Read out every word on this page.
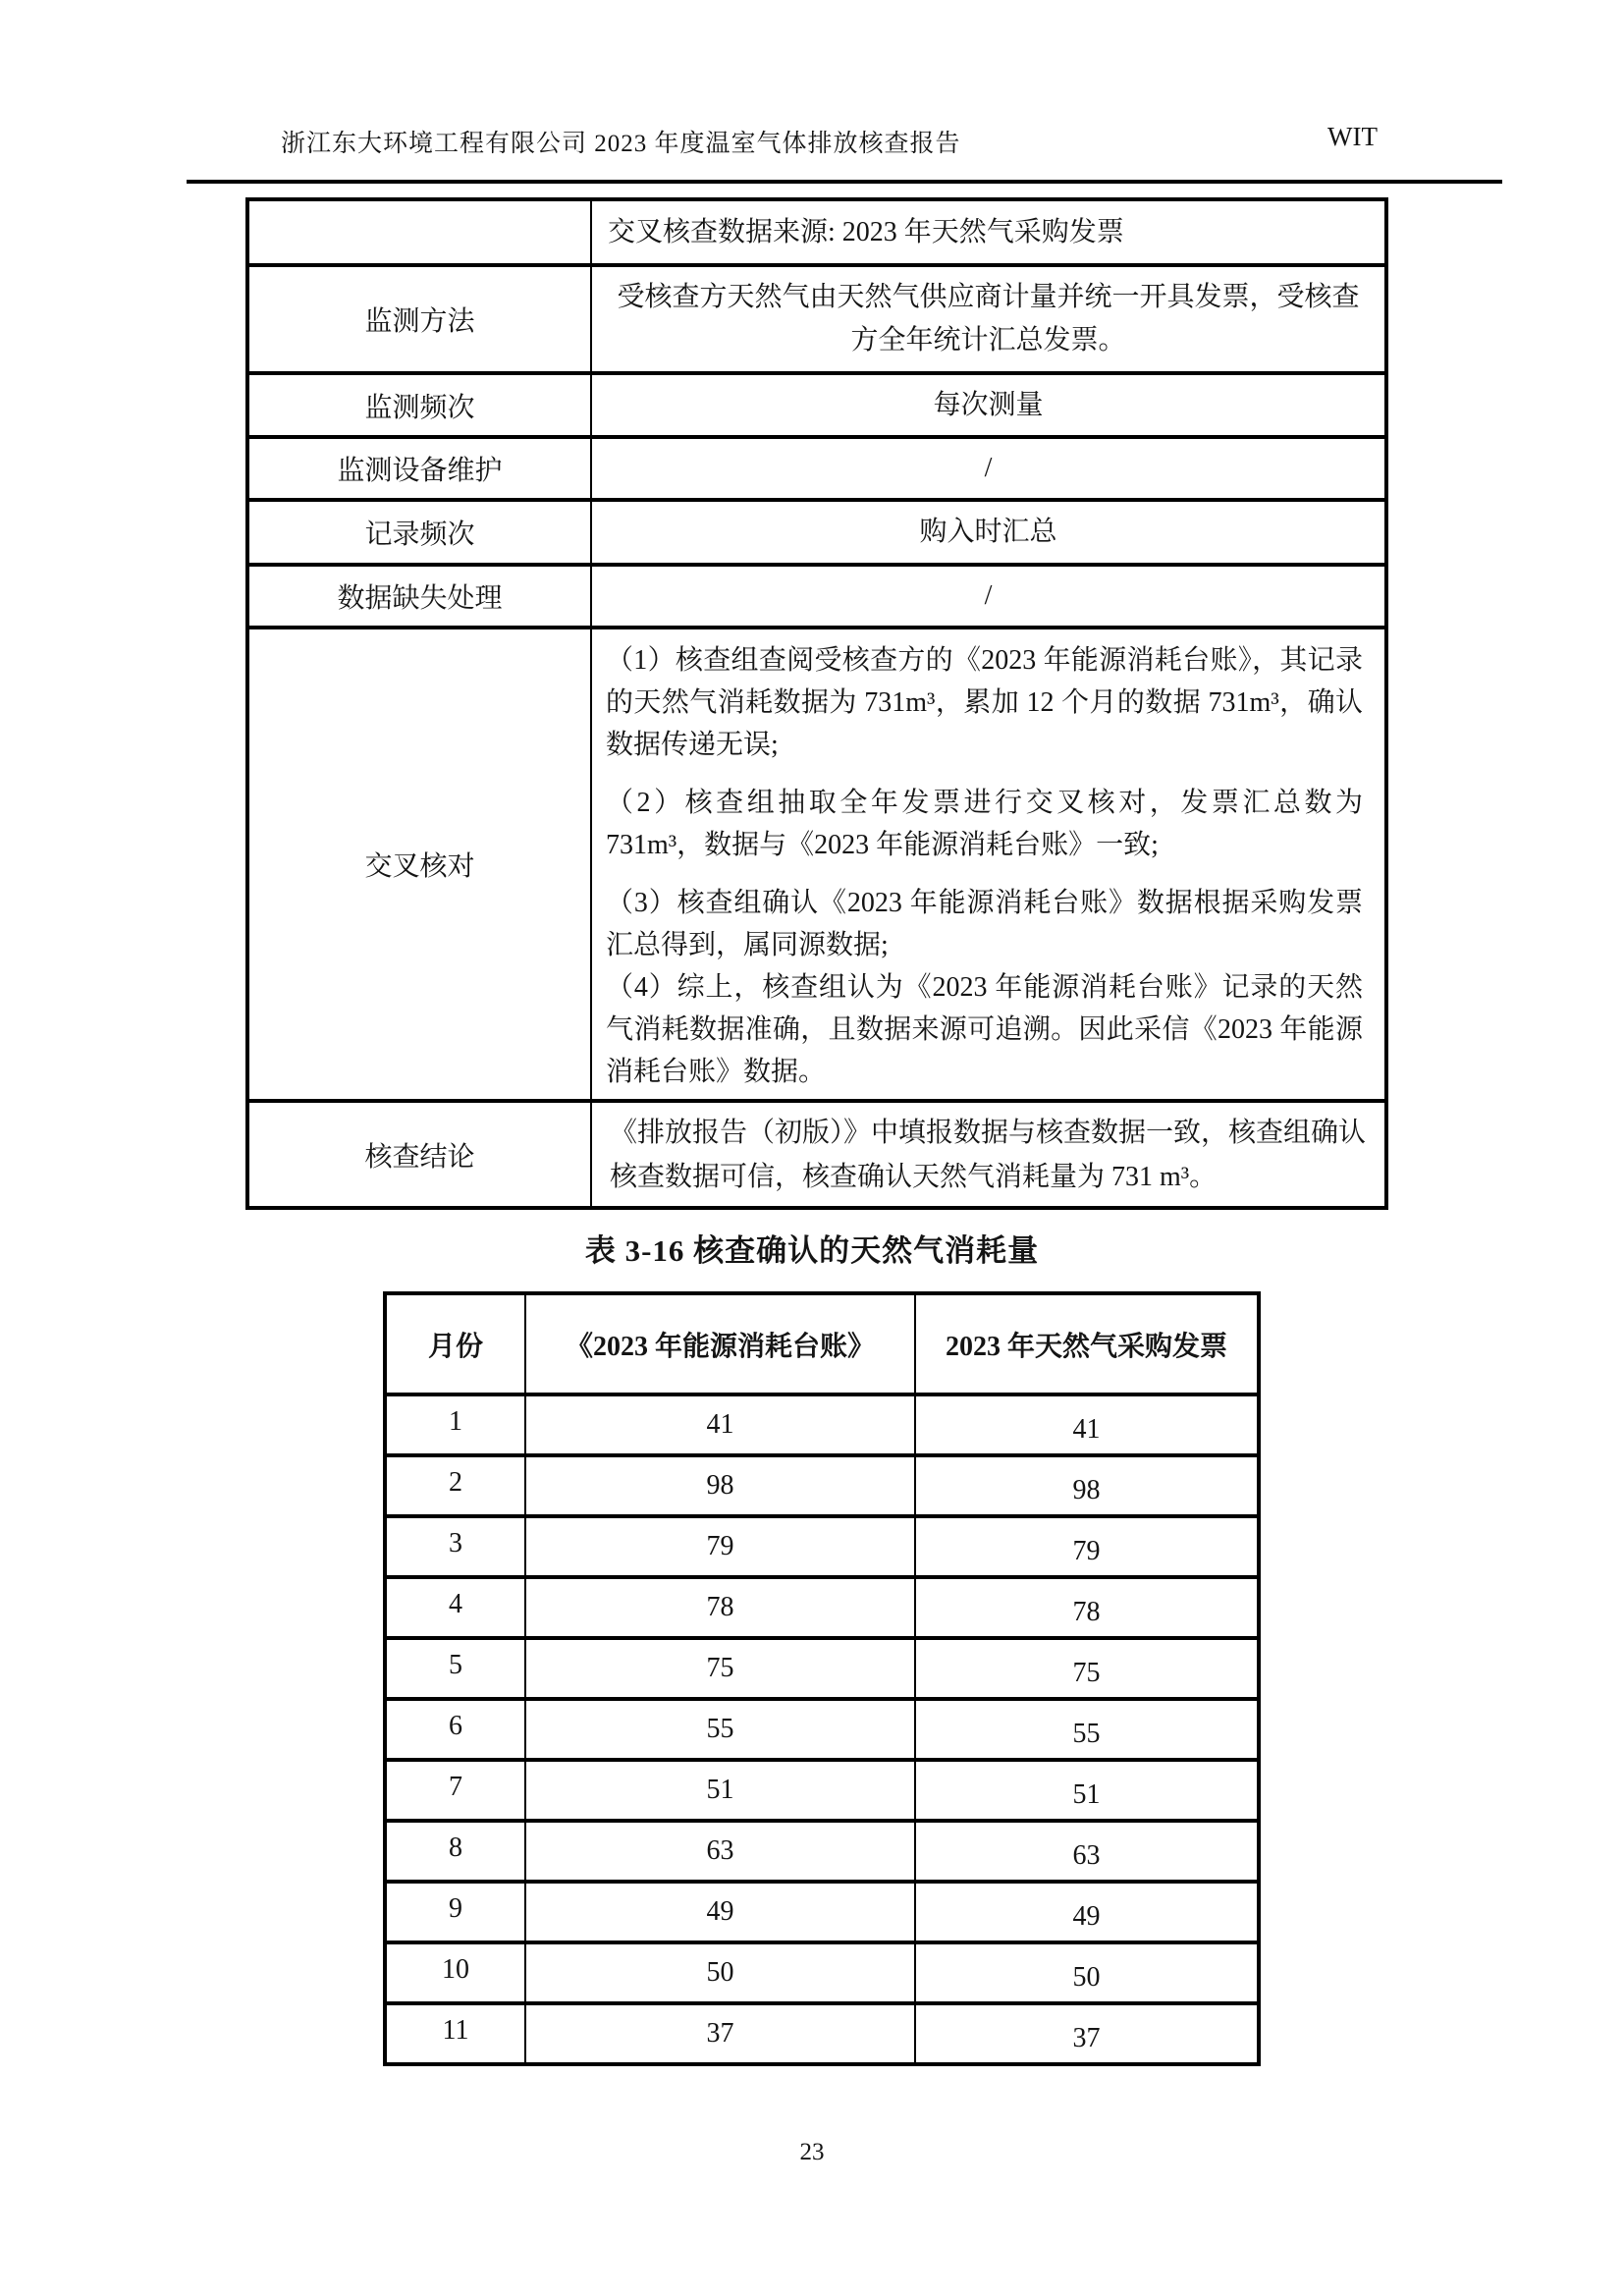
浙江东大环境工程有限公司 2023 年度温室气体排放核查报告	WIT
	交叉核查数据来源: 2023 年天然气采购发票
监测方法	受核查方天然气由天然气供应商计量并统一开具发票，受核查方全年统计汇总发票。
监测频次	每次测量
监测设备维护	/
记录频次	购入时汇总
数据缺失处理	/
交叉核对	（1）核查组查阅受核查方的《2023 年能源消耗台账》，其记录的天然气消耗数据为 731m³，累加 12 个月的数据 731m³，确认数据传递无误;

（2）核查组抽取全年发票进行交叉核对，发票汇总数为 731m³，数据与《2023 年能源消耗台账》一致;

（3）核查组确认《2023 年能源消耗台账》数据根据采购发票汇总得到，属同源数据;

（4）综上，核查组认为《2023 年能源消耗台账》记录的天然气消耗数据准确，且数据来源可追溯。因此采信《2023 年能源消耗台账》数据。

核查结论	《排放报告（初版）》中填报数据与核查数据一致，核查组确认核查数据可信，核查确认天然气消耗量为 731 m³。
表 3-16 核查确认的天然气消耗量
月份	《2023 年能源消耗台账》	2023 年天然气采购发票
1	41	41
2	98	98
3	79	79
4	78	78
5	75	75
6	55	55
7	51	51
8	63	63
9	49	49
10	50	50
11	37	37
23
